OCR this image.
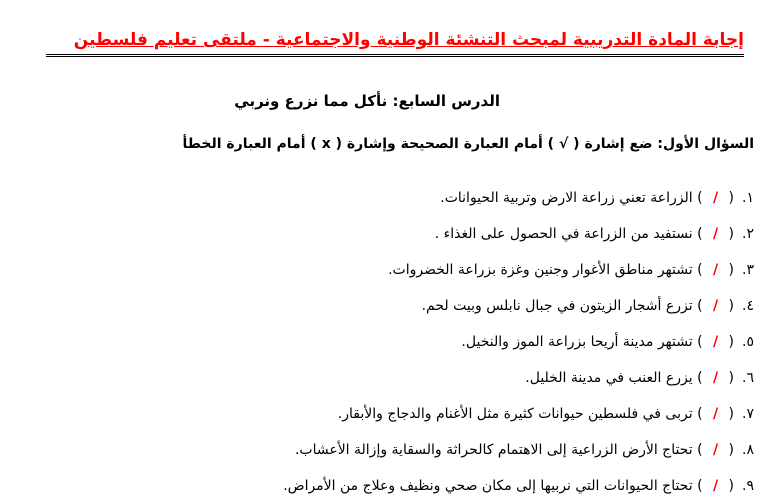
إجابة المادة التدريبية لمبحث التنشئة الوطنية والاجتماعية - ملتقى تعليم فلسطين
الدرس السابع: نأكل مما نزرع ونربي
السؤال الأول: ضع إشارة ( √ ) أمام العبارة الصحيحة وإشارة ( x ) أمام العبارة الخطأ
١.(/) الزراعة تعني زراعة الارض وتربية الحيوانات.
٢.(/) نستفيد من الزراعة في الحصول على الغذاء .
٣.(/) تشتهر مناطق الأغوار وجنين وغزة بزراعة الخضروات.
٤.(/) تزرع أشجار الزيتون في جبال نابلس وبيت لحم.
٥.(/) تشتهر مدينة أريحا بزراعة الموز والنخيل.
٦.(/) يزرع العنب في مدينة الخليل.
٧.(/) تربى في فلسطين حيوانات كثيرة مثل الأغنام والدجاج والأبقار.
٨.(/) تحتاج الأرض الزراعية إلى الاهتمام كالحراثة والسقاية وإزالة الأعشاب.
٩.(/) تحتاج الحيوانات التي نربيها إلى مكان صحي ونظيف وعلاج من الأمراض.
